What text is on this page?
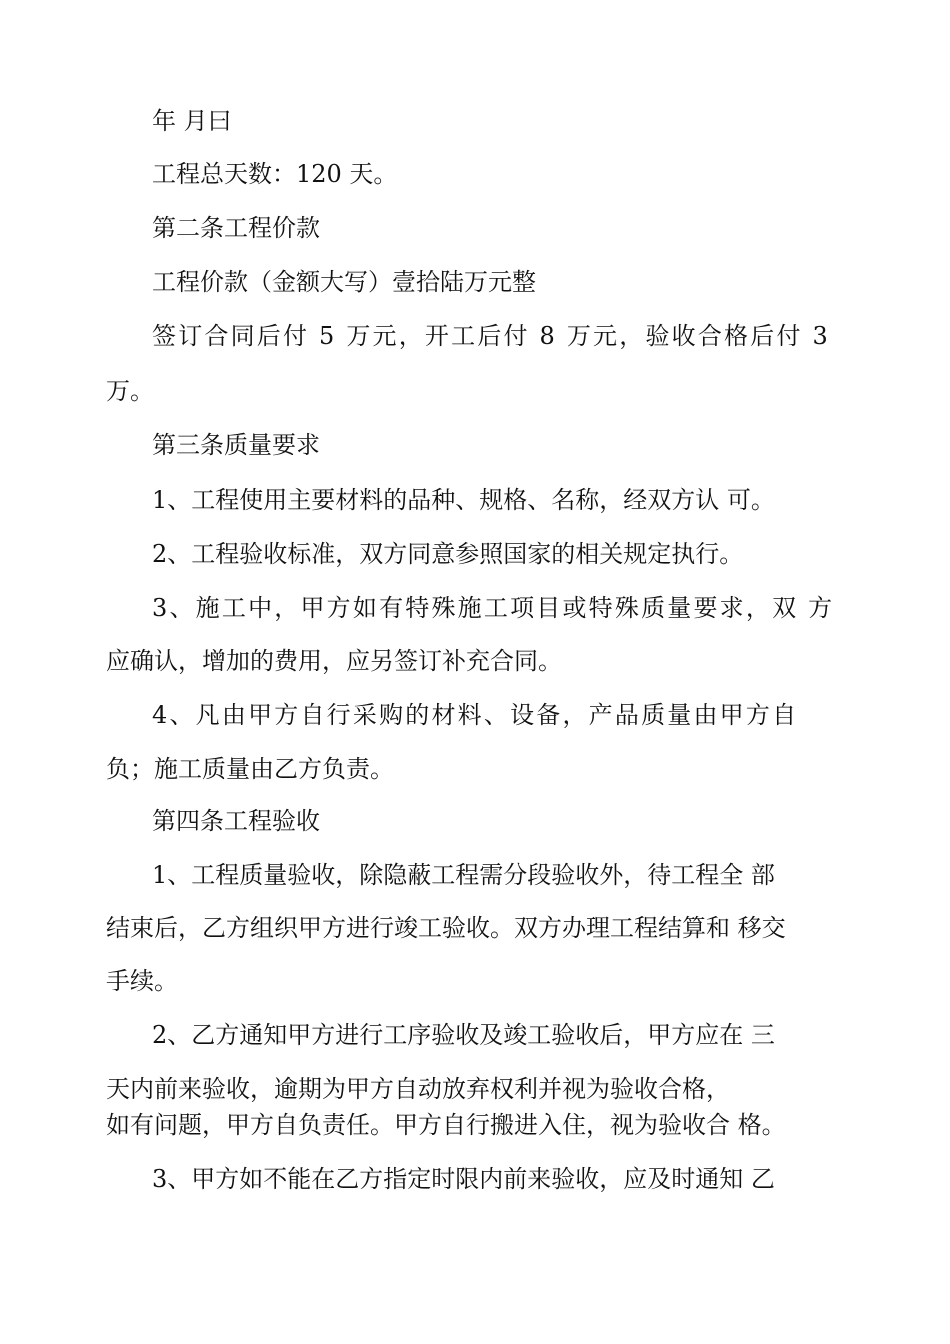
年 月曰
工程总天数：120 天。
第二条工程价款
工程价款（金额大写）壹拾陆万元整
签订合同后付 5 万元，开工后付 8 万元，验收合格后付 3
万。
第三条质量要求
1、工程使用主要材料的品种、规格、名称，经双方认 可。
2、工程验收标准，双方同意参照国家的相关规定执行。
3、施工中，甲方如有特殊施工项目或特殊质量要求，双 方
应确认，增加的费用，应另签订补充合同。
4、凡由甲方自行采购的材料、设备，产品质量由甲方自
负；施工质量由乙方负责。
第四条工程验收
1、工程质量验收，除隐蔽工程需分段验收外，待工程全 部
结束后，乙方组织甲方进行竣工验收。双方办理工程结算和 移交
手续。
2、乙方通知甲方进行工序验收及竣工验收后，甲方应在 三
天内前来验收，逾期为甲方自动放弃权利并视为验收合格，
如有问题，甲方自负责任。甲方自行搬进入住，视为验收合 格。
3、甲方如不能在乙方指定时限内前来验收，应及时通知 乙
